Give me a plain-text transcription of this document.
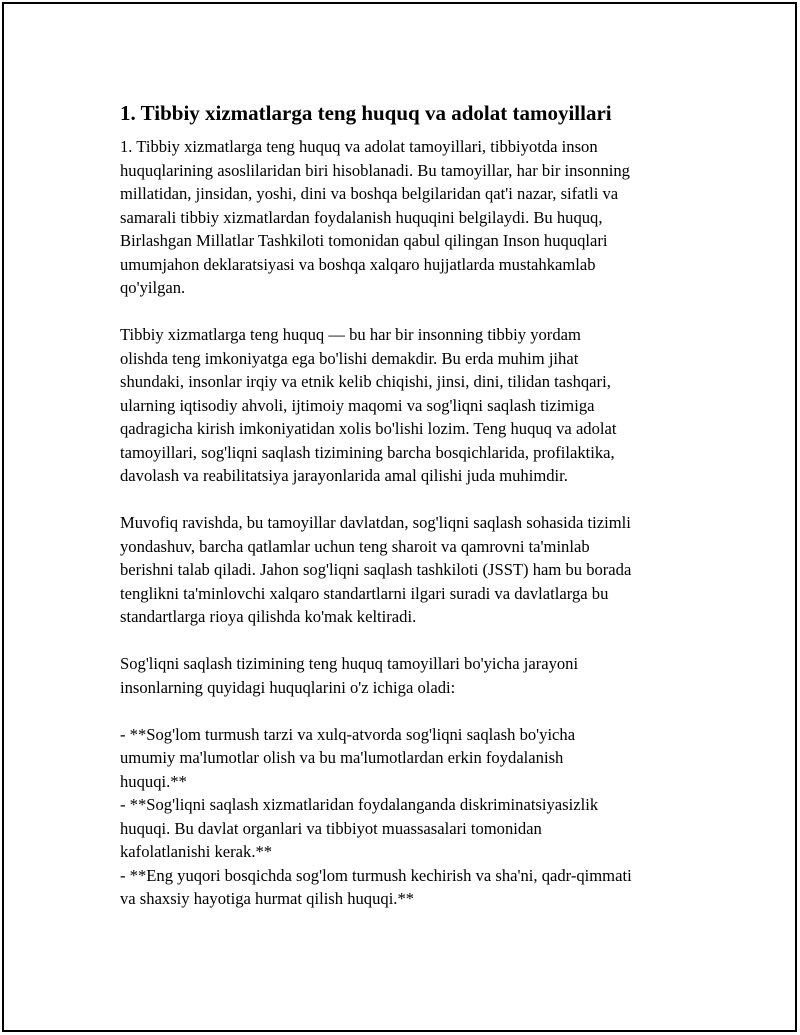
1. Tibbiy xizmatlarga teng huquq va adolat tamoyillari
1. Tibbiy xizmatlarga teng huquq va adolat tamoyillari, tibbiyotda inson
huquqlarining asoslilaridan biri hisoblanadi. Bu tamoyillar, har bir insonning
millatidan, jinsidan, yoshi, dini va boshqa belgilaridan qat'i nazar, sifatli va
samarali tibbiy xizmatlardan foydalanish huquqini belgilaydi. Bu huquq,
Birlashgan Millatlar Tashkiloti tomonidan qabul qilingan Inson huquqlari
umumjahon deklaratsiyasi va boshqa xalqaro hujjatlarda mustahkamlab
qo'yilgan.
Tibbiy xizmatlarga teng huquq — bu har bir insonning tibbiy yordam
olishda teng imkoniyatga ega bo'lishi demakdir. Bu erda muhim jihat
shundaki, insonlar irqiy va etnik kelib chiqishi, jinsi, dini, tilidan tashqari,
ularning iqtisodiy ahvoli, ijtimoiy maqomi va sog'liqni saqlash tizimiga
qadragicha kirish imkoniyatidan xolis bo'lishi lozim. Teng huquq va adolat
tamoyillari, sog'liqni saqlash tizimining barcha bosqichlarida, profilaktika,
davolash va reabilitatsiya jarayonlarida amal qilishi juda muhimdir.
Muvofiq ravishda, bu tamoyillar davlatdan, sog'liqni saqlash sohasida tizimli
yondashuv, barcha qatlamlar uchun teng sharoit va qamrovni ta'minlab
berishni talab qiladi. Jahon sog'liqni saqlash tashkiloti (JSST) ham bu borada
tenglikni ta'minlovchi xalqaro standartlarni ilgari suradi va davlatlarga bu
standartlarga rioya qilishda ko'mak keltiradi.
Sog'liqni saqlash tizimining teng huquq tamoyillari bo'yicha jarayoni
insonlarning quyidagi huquqlarini o'z ichiga oladi:
- **Sog'lom turmush tarzi va xulq-atvorda sog'liqni saqlash bo'yicha
umumiy ma'lumotlar olish va bu ma'lumotlardan erkin foydalanish
huquqi.**
- **Sog'liqni saqlash xizmatlaridan foydalanganda diskriminatsiyasizlik
huquqi. Bu davlat organlari va tibbiyot muassasalari tomonidan
kafolatlanishi kerak.**
- **Eng yuqori bosqichda sog'lom turmush kechirish va sha'ni, qadr-qimmati
va shaxsiy hayotiga hurmat qilish huquqi.**
